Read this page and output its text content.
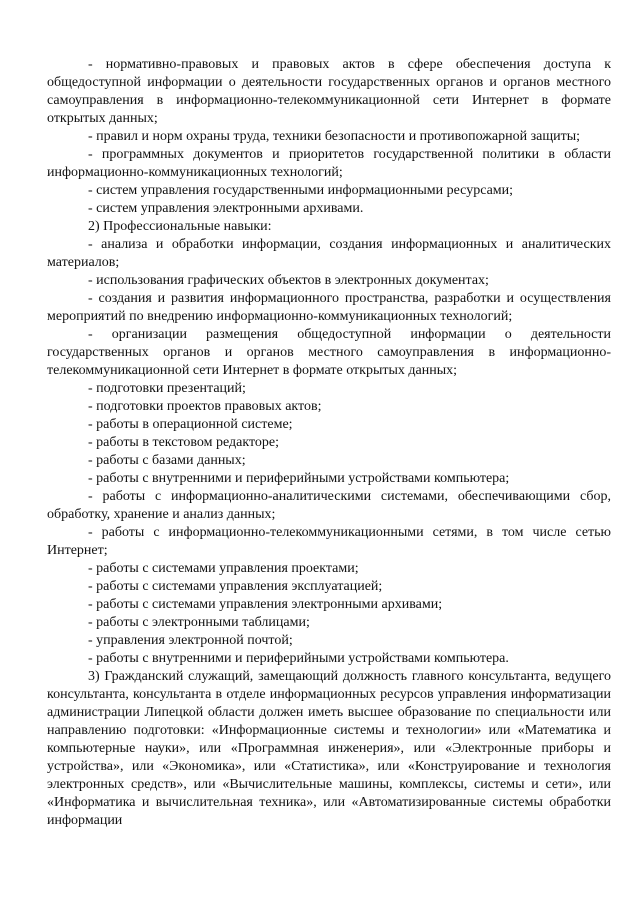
- нормативно-правовых и правовых актов в сфере обеспечения доступа к общедоступной информации о деятельности государственных органов и органов местного самоуправления в информационно-телекоммуникационной сети Интернет в формате открытых данных;

- правил и норм охраны труда, техники безопасности и противопожарной защиты;

- программных документов и приоритетов государственной политики в области информационно-коммуникационных технологий;

- систем управления государственными информационными ресурсами;

- систем управления электронными архивами.

2) Профессиональные навыки:

- анализа и обработки информации, создания информационных и аналитических материалов;

- использования графических объектов в электронных документах;

- создания и развития информационного пространства, разработки и осуществления мероприятий по внедрению информационно-коммуникационных технологий;

- организации размещения общедоступной информации о деятельности государственных органов и органов местного самоуправления в информационно-телекоммуникационной сети Интернет в формате открытых данных;

- подготовки презентаций;

- подготовки проектов правовых актов;

- работы в операционной системе;

- работы в текстовом редакторе;

- работы с базами данных;

- работы с внутренними и периферийными устройствами компьютера;

- работы с информационно-аналитическими системами, обеспечивающими сбор, обработку, хранение и анализ данных;

- работы с информационно-телекоммуникационными сетями, в том числе сетью Интернет;

- работы с системами управления проектами;

- работы с системами управления эксплуатацией;

- работы с системами управления электронными архивами;

- работы с электронными таблицами;

- управления электронной почтой;

- работы с внутренними и периферийными устройствами компьютера.

3) Гражданский служащий, замещающий должность главного консультанта, ведущего консультанта, консультанта в отделе информационных ресурсов управления информатизации администрации Липецкой области должен иметь высшее образование по специальности или направлению подготовки: «Информационные системы и технологии» или «Математика и компьютерные науки», или «Программная инженерия», или «Электронные приборы и устройства», или «Экономика», или «Статистика», или «Конструирование и технология электронных средств», или «Вычислительные машины, комплексы, системы и сети», или «Информатика и вычислительная техника», или «Автоматизированные системы обработки информации
